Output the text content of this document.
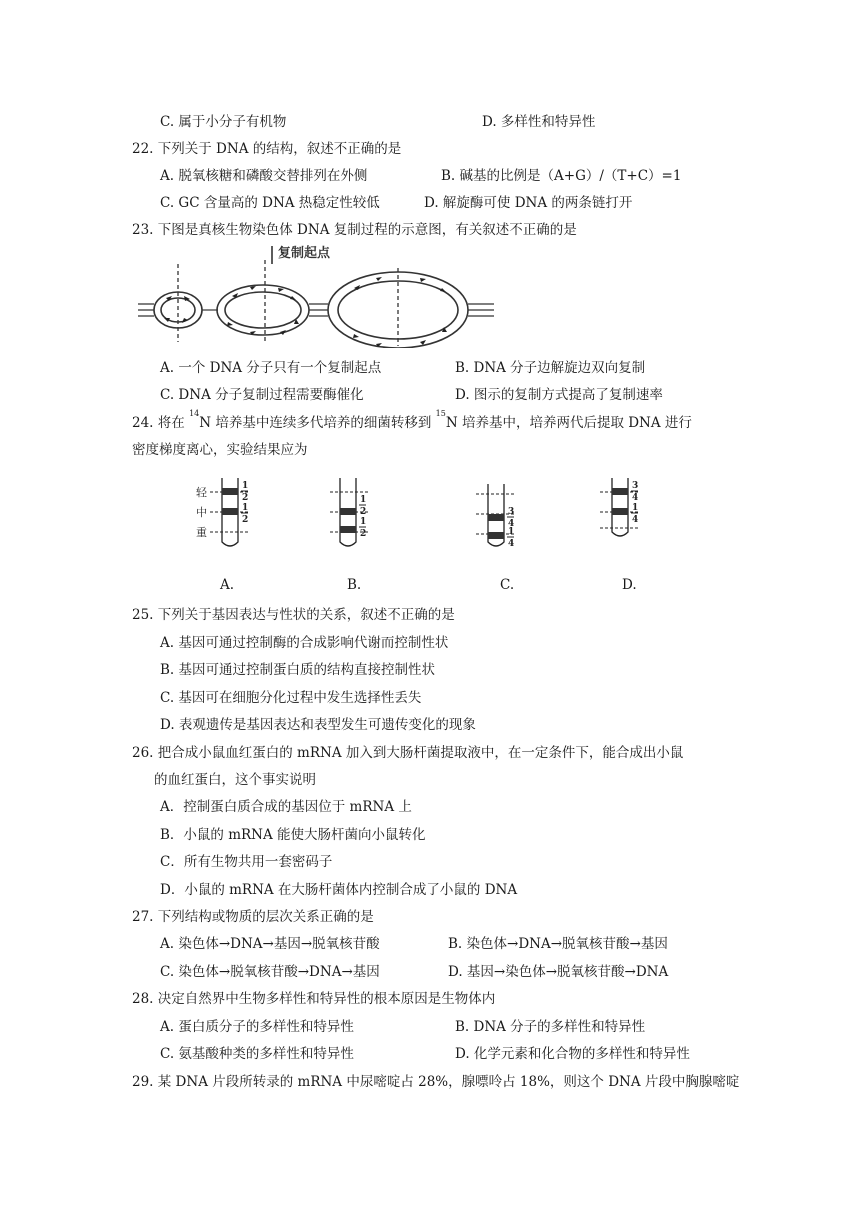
C. 属于小分子有机物	D. 多样性和特异性
22. 下列关于 DNA 的结构，叙述不正确的是
A. 脱氧核糖和磷酸交替排列在外侧	B. 碱基的比例是（A+G）/（T+C）=1
C. GC 含量高的 DNA 热稳定性较低	D. 解旋酶可使 DNA 的两条链打开
23. 下图是真核生物染色体 DNA 复制过程的示意图，有关叙述不正确的是
复制起点
A. 一个 DNA 分子只有一个复制起点	B. DNA 分子边解旋边双向复制
C. DNA 分子复制过程需要酶催化	D. 图示的复制方式提高了复制速率
24. 将在 $^{14}$N 培养基中连续多代培养的细菌转移到 $^{15}$N 培养基中，培养两代后提取 DNA 进行
密度梯度离心，实验结果应为
轻
中
重
1
2
1
2
1
2
1
2
3
4
1
4
3
4
1
4
A.	B.	C.	D.
25. 下列关于基因表达与性状的关系，叙述不正确的是
A. 基因可通过控制酶的合成影响代谢而控制性状
B. 基因可通过控制蛋白质的结构直接控制性状
C. 基因可在细胞分化过程中发生选择性丢失
D. 表观遗传是基因表达和表型发生可遗传变化的现象
26. 把合成小鼠血红蛋白的 mRNA 加入到大肠杆菌提取液中，在一定条件下，能合成出小鼠
的血红蛋白，这个事实说明
A．控制蛋白质合成的基因位于 mRNA 上
B．小鼠的 mRNA 能使大肠杆菌向小鼠转化
C．所有生物共用一套密码子
D．小鼠的 mRNA 在大肠杆菌体内控制合成了小鼠的 DNA
27. 下列结构或物质的层次关系正确的是
A. 染色体→DNA→基因→脱氧核苷酸	B. 染色体→DNA→脱氧核苷酸→基因
C. 染色体→脱氧核苷酸→DNA→基因	D. 基因→染色体→脱氧核苷酸→DNA
28. 决定自然界中生物多样性和特异性的根本原因是生物体内
A. 蛋白质分子的多样性和特异性	B. DNA 分子的多样性和特异性
C. 氨基酸种类的多样性和特异性	D. 化学元素和化合物的多样性和特异性
29. 某 DNA 片段所转录的 mRNA 中尿嘧啶占 28%，腺嘌呤占 18%，则这个 DNA 片段中胸腺嘧啶
